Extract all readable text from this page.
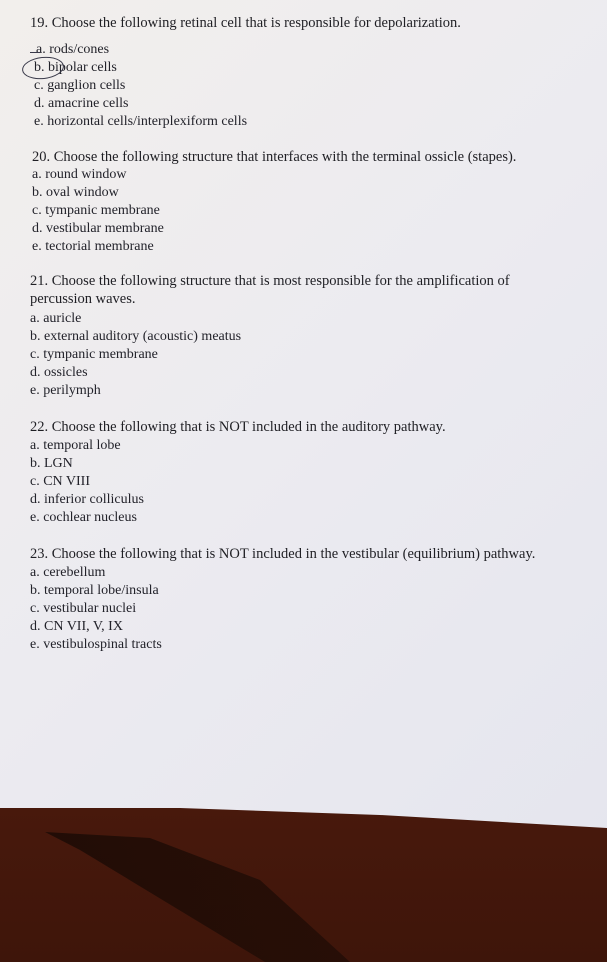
19. Choose the following retinal cell that is responsible for depolarization.

a. rods/cones

b. bipolar cells

c. ganglion cells

d. amacrine cells

e. horizontal cells/interplexiform cells

20. Choose the following structure that interfaces with the terminal ossicle (stapes).

a. round window

b. oval window

c. tympanic membrane

d. vestibular membrane

e. tectorial membrane

21. Choose the following structure that is most responsible for the amplification of

percussion waves.

a. auricle

b. external auditory (acoustic) meatus

c. tympanic membrane

d. ossicles

e. perilymph

22. Choose the following that is NOT included in the auditory pathway.

a. temporal lobe

b. LGN

c. CN VIII

d. inferior colliculus

e. cochlear nucleus

23. Choose the following that is NOT included in the vestibular (equilibrium) pathway.

a. cerebellum

b. temporal lobe/insula

c. vestibular nuclei

d. CN VII, V, IX

e. vestibulospinal tracts
